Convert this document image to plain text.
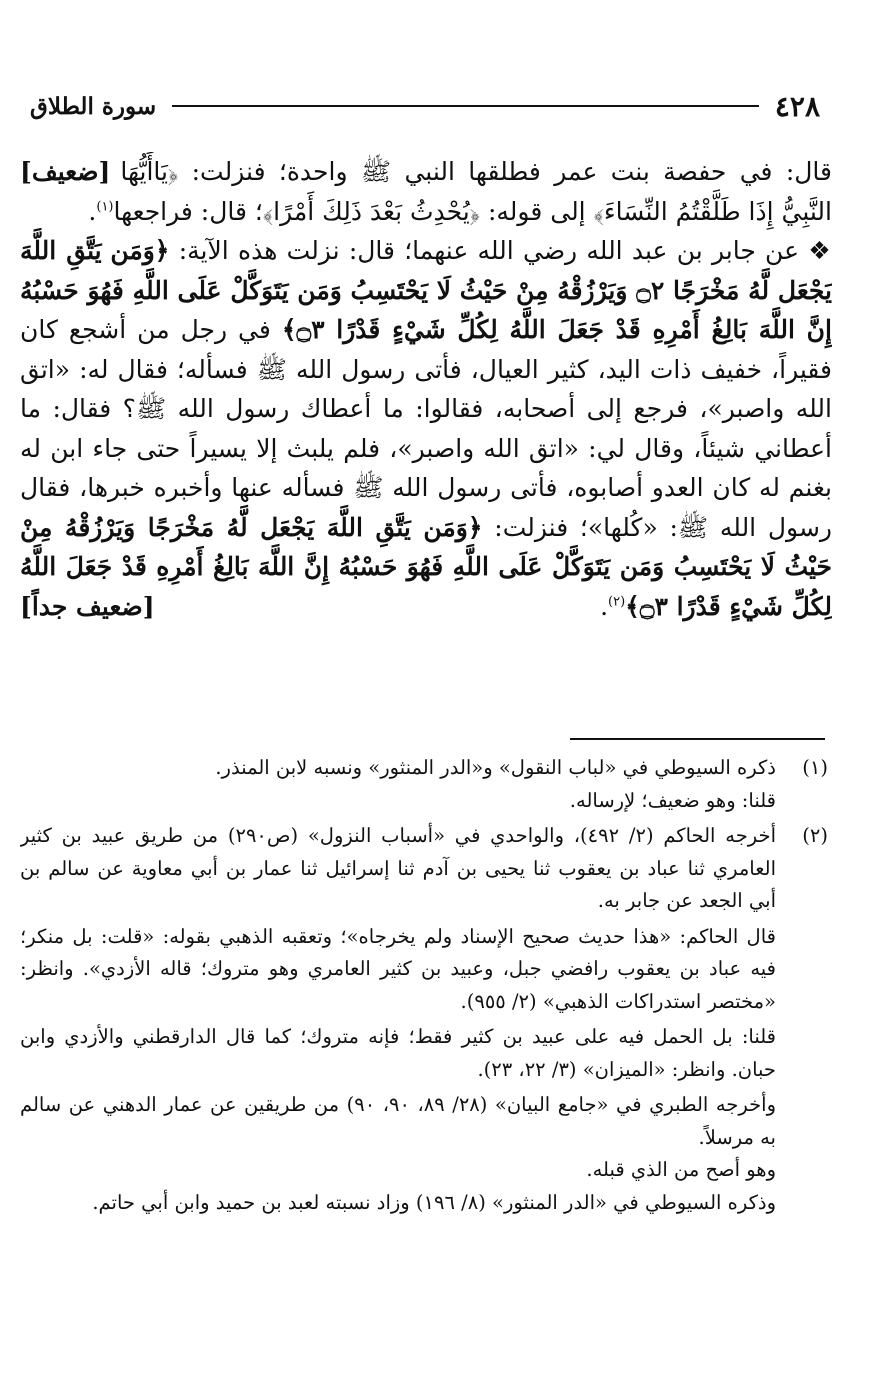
سورة الطلاق	٤٢٨

[ضعيف] قال: في حفصة بنت عمر فطلقها النبي ﷺ واحدة؛ فنزلت: ﴿يَاأَيُّهَا النَّبِيُّ إِذَا طَلَّقْتُمُ النِّسَاءَ﴾ إلى قوله: ﴿يُحْدِثُ بَعْدَ ذَلِكَ أَمْرًا﴾؛ قال: فراجعها$^{(١)}$.

❖ عن جابر بن عبد الله رضي الله عنهما؛ قال: نزلت هذه الآية: ﴿وَمَن يَتَّقِ اللَّهَ يَجْعَل لَّهُ مَخْرَجًا ۝٢ وَيَرْزُقْهُ مِنْ حَيْثُ لَا يَحْتَسِبُ وَمَن يَتَوَكَّلْ عَلَى اللَّهِ فَهُوَ حَسْبُهُ إِنَّ اللَّهَ بَالِغُ أَمْرِهِ قَدْ جَعَلَ اللَّهُ لِكُلِّ شَيْءٍ قَدْرًا ۝٣﴾ في رجل من أشجع كان فقيراً، خفيف ذات اليد، كثير العيال، فأتى رسول الله ﷺ فسأله؛ فقال له: «اتق الله واصبر»، فرجع إلى أصحابه، فقالوا: ما أعطاك رسول الله ﷺ؟ فقال: ما أعطاني شيئاً، وقال لي: «اتق الله واصبر»، فلم يلبث إلا يسيراً حتى جاء ابن له بغنم له كان العدو أصابوه، فأتى رسول الله ﷺ فسأله عنها وأخبره خبرها، فقال رسول الله ﷺ: «كُلها»؛ فنزلت: ﴿وَمَن يَتَّقِ اللَّهَ يَجْعَل لَّهُ مَخْرَجًا وَيَرْزُقْهُ مِنْ حَيْثُ لَا يَحْتَسِبُ وَمَن يَتَوَكَّلْ عَلَى اللَّهِ فَهُوَ حَسْبُهُ إِنَّ اللَّهَ بَالِغُ أَمْرِهِ قَدْ جَعَلَ اللَّهُ لِكُلِّ شَيْءٍ قَدْرًا ۝٣﴾$^{(٢)}$.
[ضعيف جداً]

(١)

ذكره السيوطي في «لباب النقول» و«الدر المنثور» ونسبه لابن المنذر.

قلنا: وهو ضعيف؛ لإرساله.

(٢)

أخرجه الحاكم (٢/ ٤٩٢)، والواحدي في «أسباب النزول» (ص٢٩٠) من طريق عبيد بن كثير العامري ثنا عباد بن يعقوب ثنا يحيى بن آدم ثنا إسرائيل ثنا عمار بن أبي معاوية عن سالم بن أبي الجعد عن جابر به.

قال الحاكم: «هذا حديث صحيح الإسناد ولم يخرجاه»؛ وتعقبه الذهبي بقوله: «قلت: بل منكر؛ فيه عباد بن يعقوب رافضي جبل، وعبيد بن كثير العامري وهو متروك؛ قاله الأزدي». وانظر: «مختصر استدراكات الذهبي» (٢/ ٩٥٥).

قلنا: بل الحمل فيه على عبيد بن كثير فقط؛ فإنه متروك؛ كما قال الدارقطني والأزدي وابن حبان. وانظر: «الميزان» (٣/ ٢٢، ٢٣).

وأخرجه الطبري في «جامع البيان» (٢٨/ ٨٩، ٩٠، ٩٠) من طريقين عن عمار الدهني عن سالم به مرسلاً.

وهو أصح من الذي قبله.

وذكره السيوطي في «الدر المنثور» (٨/ ١٩٦) وزاد نسبته لعبد بن حميد وابن أبي حاتم.
